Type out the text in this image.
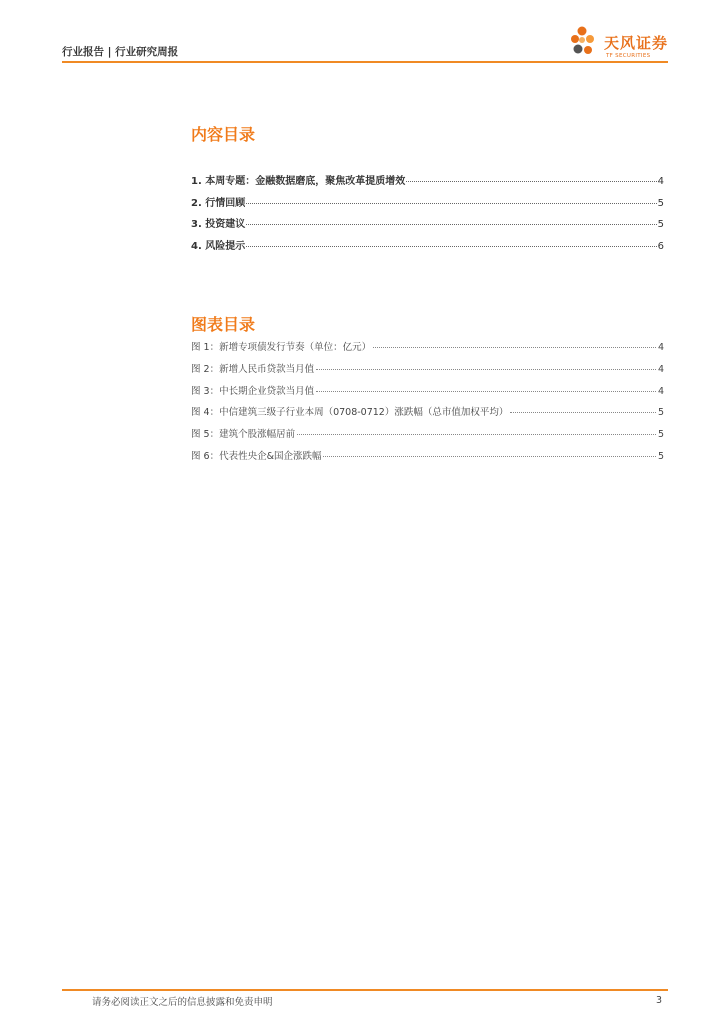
行业报告 | 行业研究周报	天风证券
TF SECURITIES
内容目录
1. 本周专题：金融数据磨底，聚焦改革提质增效	4
2. 行情回顾	5
3. 投资建议	5
4. 风险提示	6
图表目录
图 1：新增专项债发行节奏（单位：亿元）	4
图 2：新增人民币贷款当月值	4
图 3：中长期企业贷款当月值	4
图 4：中信建筑三级子行业本周（0708-0712）涨跌幅（总市值加权平均）	5
图 5：建筑个股涨幅居前	5
图 6：代表性央企&国企涨跌幅	5
请务必阅读正文之后的信息披露和免责申明	3
